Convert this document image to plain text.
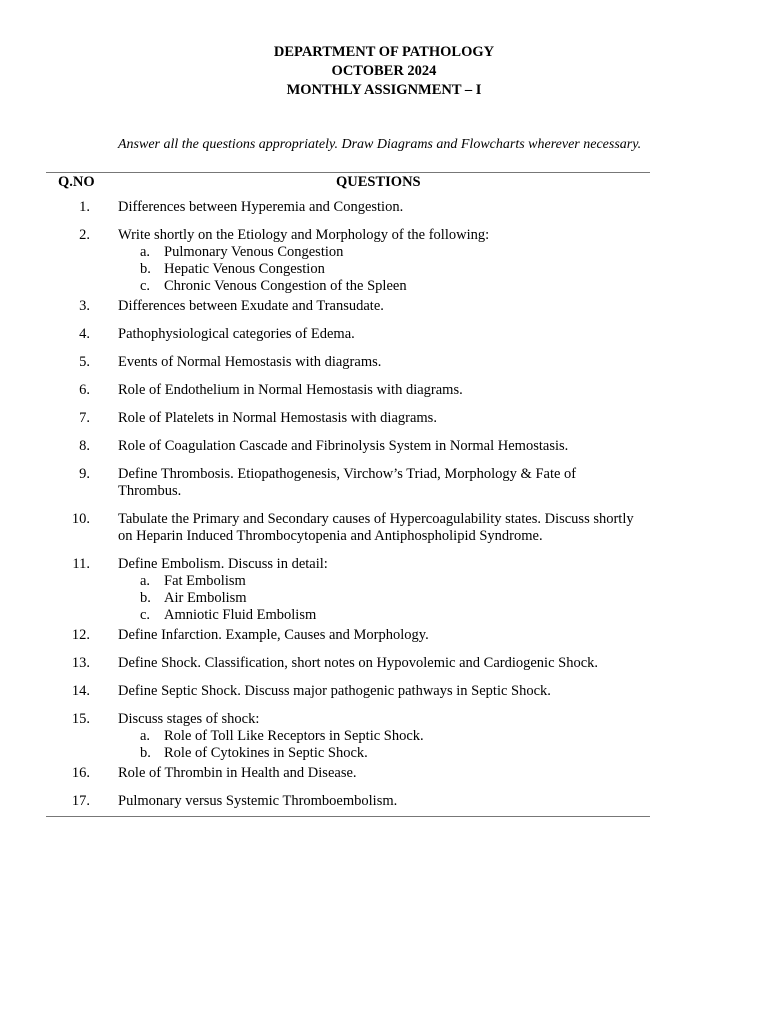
DEPARTMENT OF PATHOLOGY
OCTOBER 2024
MONTHLY ASSIGNMENT – I
Answer all the questions appropriately. Draw Diagrams and Flowcharts wherever necessary.
Q.NO	QUESTIONS
1. Differences between Hyperemia and Congestion.
2. Write shortly on the Etiology and Morphology of the following:
a. Pulmonary Venous Congestion
b. Hepatic Venous Congestion
c. Chronic Venous Congestion of the Spleen
3. Differences between Exudate and Transudate.
4. Pathophysiological categories of Edema.
5. Events of Normal Hemostasis with diagrams.
6. Role of Endothelium in Normal Hemostasis with diagrams.
7. Role of Platelets in Normal Hemostasis with diagrams.
8. Role of Coagulation Cascade and Fibrinolysis System in Normal Hemostasis.
9. Define Thrombosis. Etiopathogenesis, Virchow’s Triad, Morphology & Fate of Thrombus.
10. Tabulate the Primary and Secondary causes of Hypercoagulability states. Discuss shortly on Heparin Induced Thrombocytopenia and Antiphospholipid Syndrome.
11. Define Embolism. Discuss in detail:
a. Fat Embolism
b. Air Embolism
c. Amniotic Fluid Embolism
12. Define Infarction. Example, Causes and Morphology.
13. Define Shock. Classification, short notes on Hypovolemic and Cardiogenic Shock.
14. Define Septic Shock. Discuss major pathogenic pathways in Septic Shock.
15. Discuss stages of shock:
a. Role of Toll Like Receptors in Septic Shock.
b. Role of Cytokines in Septic Shock.
16. Role of Thrombin in Health and Disease.
17. Pulmonary versus Systemic Thromboembolism.
